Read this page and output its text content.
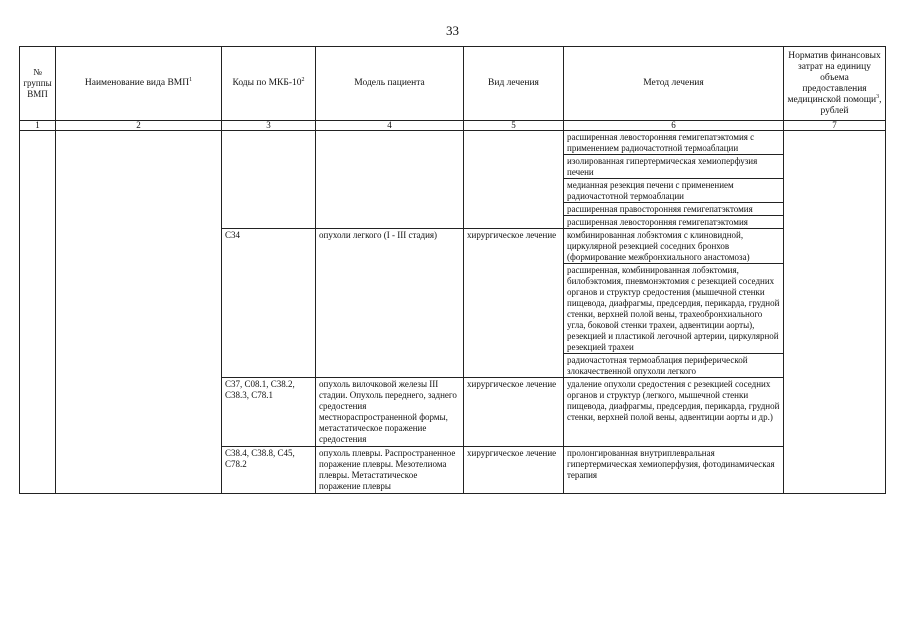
33
№ группы ВМП	Наименование вида ВМП$^1$	Коды по МКБ-$10^2$	Модель пациента	Вид лечения	Метод лечения	Норматив финансовых затрат на единицу объема предоставления медицинской помощи$^3$, рублей
1	2	3	4	5	6	7
					расширенная левосторонняя гемигепатэктомия с применением радиочастотной термоаблации	
					изолированная гипертермическая хемиоперфузия печени	
					медианная резекция печени с применением радиочастотной термоаблации	
					расширенная правосторонняя гемигепатэктомия	
					расширенная левосторонняя гемигепатэктомия	
		C34	опухоли легкого (I - III стадия)	хирургическое лечение	комбинированная лобэктомия с клиновидной, циркулярной резекцией соседних бронхов (формирование межбронхиального анастомоза)	
					расширенная, комбинированная лобэктомия, билобэктомия, пневмонэктомия с резекцией соседних органов и структур средостения (мышечной стенки пищевода, диафрагмы, предсердия, перикарда, грудной стенки, верхней полой вены, трахеобронхиального угла, боковой стенки трахеи, адвентиции аорты), резекцией и пластикой легочной артерии, циркулярной резекцией трахеи	
					радиочастотная термоаблация периферической злокачественной опухоли легкого	
		C37, C08.1, C38.2, C38.3, C78.1	опухоль вилочковой железы III стадии. Опухоль переднего, заднего средостения местнораспространенной формы, метастатическое поражение средостения	хирургическое лечение	удаление опухоли средостения с резекцией соседних органов и структур (легкого, мышечной стенки пищевода, диафрагмы, предсердия, перикарда, грудной стенки, верхней полой вены, адвентиции аорты и др.)	
		C38.4, C38.8, C45, C78.2	опухоль плевры. Распространенное поражение плевры. Мезотелиома плевры. Метастатическое поражение плевры	хирургическое лечение	пролонгированная внутриплевральная гипертермическая хемиоперфузия, фотодинамическая терапия	
